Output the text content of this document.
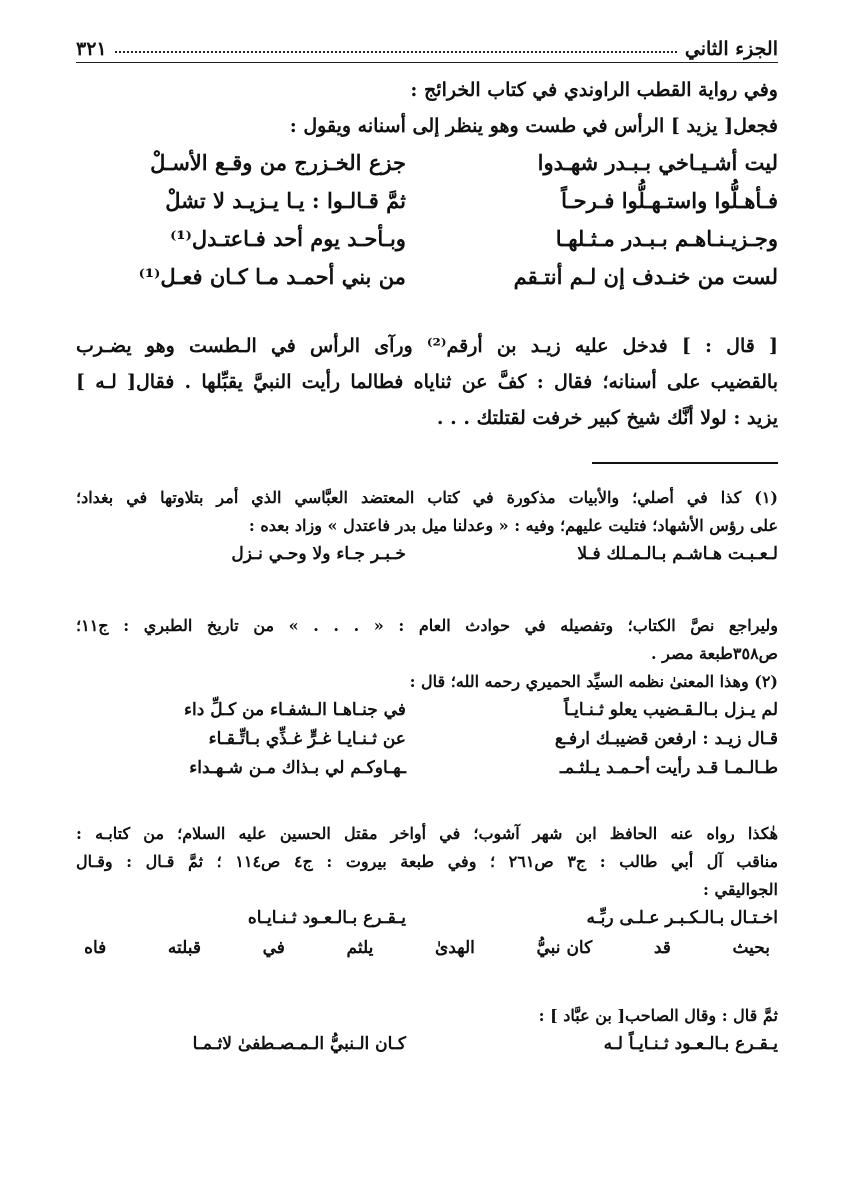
الجزء الثاني
٣٢١
وفي رواية القطب الراوندي في كتاب الخرائج :
فجعل[ يزيد ] الرأس في طست وهو ينظر إلى أسنانه ويقول :
ليت أشـيـاخي بـبـدر شهـدوا
جزع الخـزرج من وقـع الأسـلْ
فـأهـلُّوا واستـهـلُّوا فـرحـاً
ثمَّ قـالـوا : يـا يـزيـد لا تشلْ
وجـزيـنـاهـم بـبـدر مـثـلهـا
وبـأحـد يوم أحد فـاعتـدل⁽¹⁾
لست من خنـدف إن لـم أنتـقم
من بني أحمـد مـا كـان فعـل⁽¹⁾
[ قال : ] فدخل عليه زيـد بن أرقم⁽²⁾ ورآى الرأس في الـطست وهو يضـرب
بالقضيب على أسنانه؛ فقال : كفَّ عن ثناياه فطالما رأيت النبيَّ يقبِّلها . فقال[ لـه ]
يزيد : لولا أنَّك شيخ كبير خرفت لقتلتك . . .
(١) كذا في أصلي؛ والأبيات مذكورة في كتاب المعتضد العبَّاسي الذي أمر بتلاوتها في بغداد؛
على رؤس الأشهاد؛ فتليت عليهم؛ وفيه : « وعدلنا ميل بدر فاعتدل » وزاد بعده :
لـعـبـت هـاشـم بـالـمـلك فـلا
خـبـر جـاء ولا وحـي نـزل
وليراجع نصَّ الكتاب؛ وتفصيله في حوادث العام : « . . . » من تاريخ الطبري : ج١١؛
ص٣٥٨طبعة مصر .
(٢) وهذا المعنىٰ نظمه السيِّد الحميري رحمه الله؛ قال :
لم يـزل بـالـقـضيب يعلو ثـنـايـاً
في جنـاهـا الـشفـاء من كـلِّ داء
قـال زيـد : ارفعن قضيبـك ارفـع
عن ثـنـايـا غـرٍّ غـذِّي بـاتِّـقـاء
طـالـمـا قـد رأيت أحـمـد يـلثـمـ
ـهـاوكـم لي بـذاك مـن شـهـداء
هٰكذا رواه عنه الحافظ ابن شهر آشوب؛ في أواخر مقتل الحسين عليه السلام؛ من كتابـه :
مناقب آل أبي طالب : ج٣ ص٢٦١ ؛ وفي طبعة بيروت : ج٤ ص١١٤ ؛ ثمَّ قـال : وقـال
الجواليقي :
اخـتـال بـالـكـبـر عـلـى ربِّـه
يـقـرع بـالـعـود ثـنـايـاه
بحيث
قد
كان نبيُّ
الهدىٰ
يلثم
في
قبلته
فاه
ثمَّ قال : وقال الصاحب[ بن عبَّاد ] :
يـقـرع بـالـعـود ثـنـايـاً لـه
كـان الـنبيُّ الـمـصـطفىٰ لاثـمـا
